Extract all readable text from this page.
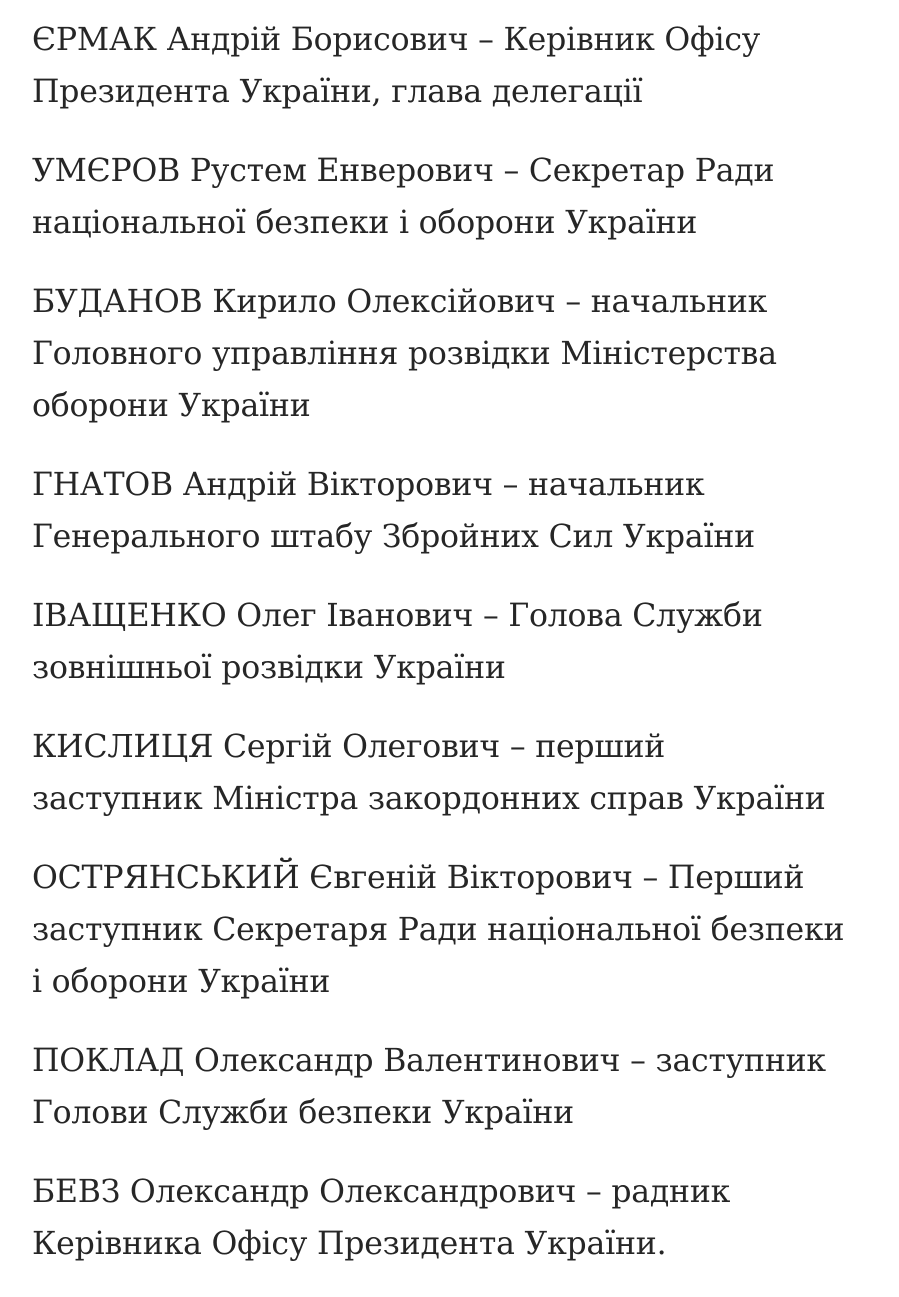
ЄРМАК Андрій Борисович – Керівник Офісу
Президента України, глава делегації

УМЄРОВ Рустем Енверович – Секретар Ради
національної безпеки і оборони України

БУДАНОВ Кирило Олексійович – начальник
Головного управління розвідки Міністерства
оборони України

ГНАТОВ Андрій Вікторович – начальник
Генерального штабу Збройних Сил України

ІВАЩЕНКО Олег Іванович – Голова Служби
зовнішньої розвідки України

КИСЛИЦЯ Сергій Олегович – перший
заступник Міністра закордонних справ України

ОСТРЯНСЬКИЙ Євгеній Вікторович – Перший
заступник Секретаря Ради національної безпеки
і оборони України

ПОКЛАД Олександр Валентинович – заступник
Голови Служби безпеки України

БЕВЗ Олександр Олександрович – радник
Керівника Офісу Президента України.
